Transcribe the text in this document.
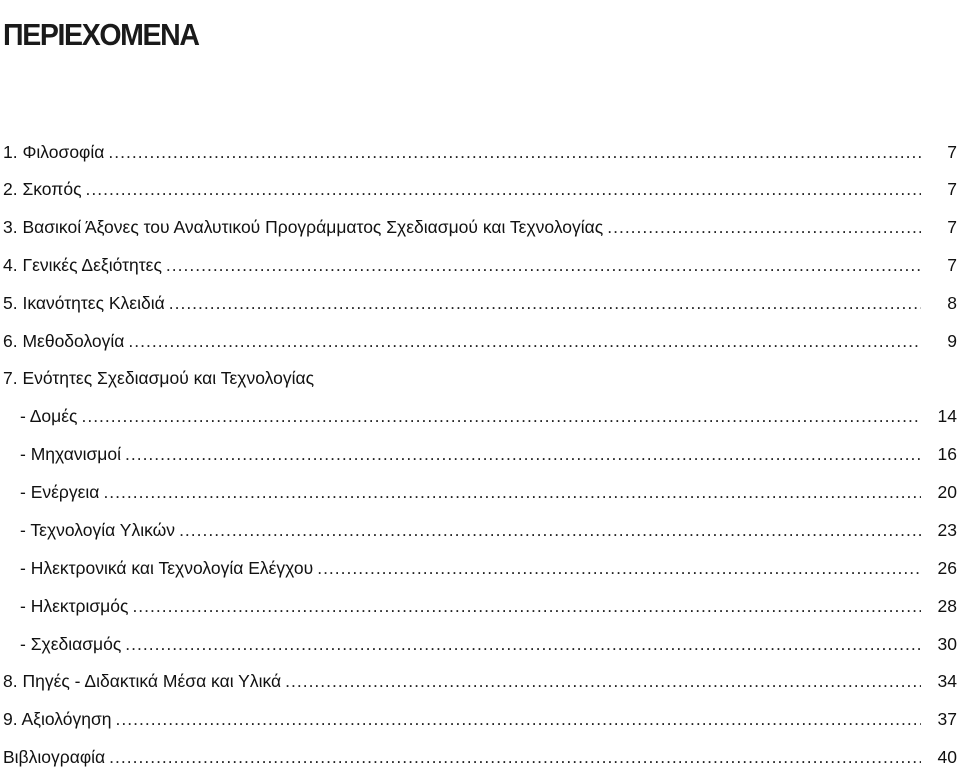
ΠΕΡΙΕΧΟΜΕΝΑ
1. Φιλοσοφία .....	7
2. Σκοπός .....	7
3. Βασικοί Άξονες του Αναλυτικού Προγράμματος Σχεδιασμού και Τεχνολογίας .....	7
4. Γενικές Δεξιότητες .....	7
5. Ικανότητες Κλειδιά .....	8
6. Μεθοδολογία .....	9
7. Ενότητες Σχεδιασμού και Τεχνολογίας
- Δομές .....	14
- Μηχανισμοί .....	16
- Ενέργεια .....	20
- Τεχνολογία Υλικών .....	23
- Ηλεκτρονικά και Τεχνολογία Ελέγχου .....	26
- Ηλεκτρισμός .....	28
- Σχεδιασμός .....	30
8. Πηγές - Διδακτικά Μέσα και Υλικά .....	34
9. Αξιολόγηση .....	37
Βιβλιογραφία .....	40
